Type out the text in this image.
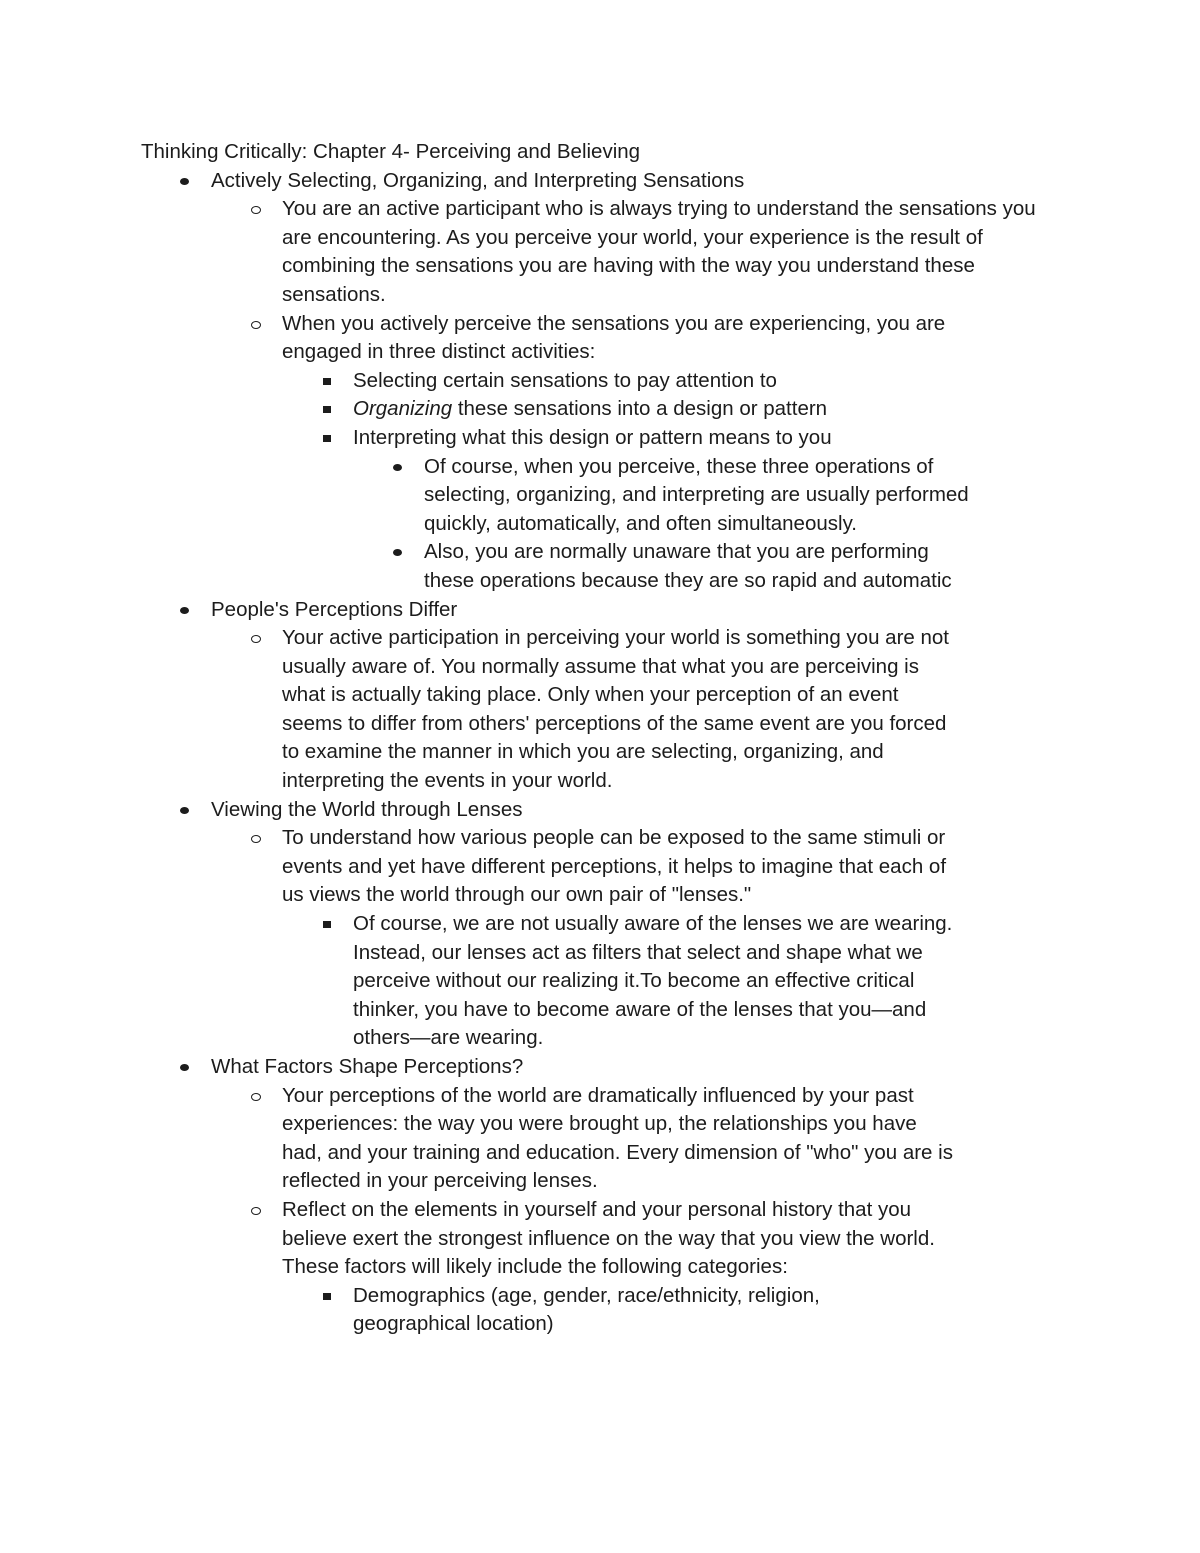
Thinking Critically: Chapter 4- Perceiving and Believing
Actively Selecting, Organizing, and Interpreting Sensations
You are an active participant who is always trying to understand the sensations you are encountering. As you perceive your world, your experience is the result of combining the sensations you are having with the way you understand these sensations.
When you actively perceive the sensations you are experiencing, you are engaged in three distinct activities:
Selecting certain sensations to pay attention to
Organizing these sensations into a design or pattern
Interpreting what this design or pattern means to you
Of course, when you perceive, these three operations of selecting, organizing, and interpreting are usually performed quickly, automatically, and often simultaneously.
Also, you are normally unaware that you are performing these operations because they are so rapid and automatic
People's Perceptions Differ
Your active participation in perceiving your world is something you are not usually aware of. You normally assume that what you are perceiving is what is actually taking place. Only when your perception of an event seems to differ from others' perceptions of the same event are you forced to examine the manner in which you are selecting, organizing, and interpreting the events in your world.
Viewing the World through Lenses
To understand how various people can be exposed to the same stimuli or events and yet have different perceptions, it helps to imagine that each of us views the world through our own pair of "lenses."
Of course, we are not usually aware of the lenses we are wearing. Instead, our lenses act as filters that select and shape what we perceive without our realizing it.To become an effective critical thinker, you have to become aware of the lenses that you—and others—are wearing.
What Factors Shape Perceptions?
Your perceptions of the world are dramatically influenced by your past experiences: the way you were brought up, the relationships you have had, and your training and education. Every dimension of "who" you are is reflected in your perceiving lenses.
Reflect on the elements in yourself and your personal history that you believe exert the strongest influence on the way that you view the world. These factors will likely include the following categories:
Demographics (age, gender, race/ethnicity, religion, geographical location)
